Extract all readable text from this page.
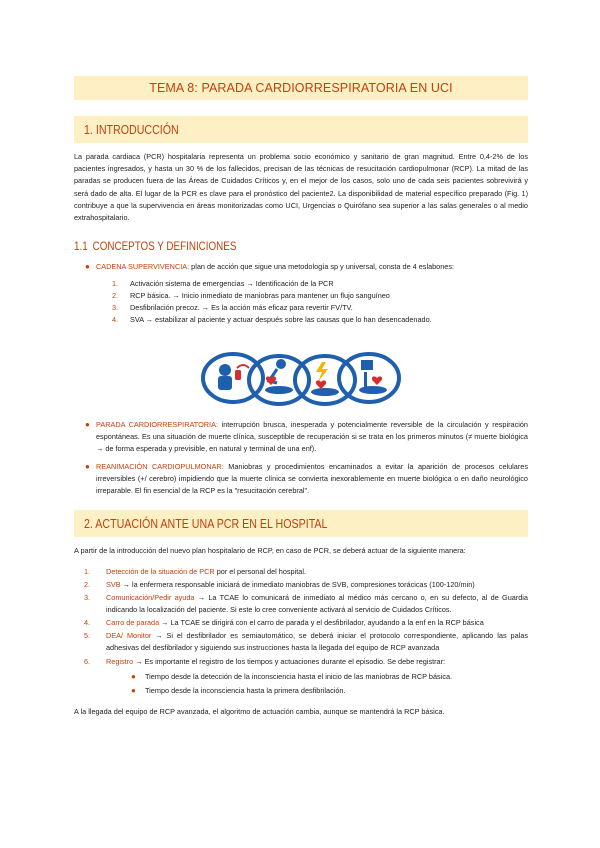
TEMA 8: PARADA CARDIORRESPIRATORIA EN UCI
1. INTRODUCCIÓN
La parada cardiaca (PCR) hospitalaria representa un problema socio económico y sanitario de gran magnitud. Entre 0,4-2% de los pacientes ingresados, y hasta un 30 % de los fallecidos, precisan de las técnicas de resucitación cardiopulmonar (RCP). La mitad de las paradas se producen fuera de las Áreas de Cuidados Críticos y, en el mejor de los casos, solo uno de cada seis pacientes sobrevivirá y será dado de alta. El lugar de la PCR es clave para el pronóstico del paciente2. La disponibilidad de material específico preparado (Fig. 1) contribuye a que la supervivencia en áreas monitorizadas como UCI, Urgencias o Quirófano sea superior a las salas generales o al medio extrahospitalario.
1.1 CONCEPTOS Y DEFINICIONES
● CADENA SUPERVIVENCIA: plan de acción que sigue una metodología sp y universal, consta de 4 eslabones:
1. Activación sistema de emergencias → Identificación de la PCR
2. RCP básica. → Inicio inmediato de maniobras para mantener un flujo sanguíneo
3. Desfibrilación precoz. → Es la acción más eficaz para revertir FV/TV.
4. SVA → estabilizar al paciente y actuar después sobre las causas que lo han desencadenado.
● PARADA CARDIORRESPIRATORIA: interrupción brusca, inesperada y potencialmente reversible de la circulación y respiración espontáneas. Es una situación de muerte clínica, susceptible de recuperación si se trata en los primeros minutos (≠ muerte biológica → de forma esperada y previsible, en natural y terminal de una enf).
● REANIMACIÓN CARDIOPULMONAR: Maniobras y procedimientos encaminados a evitar la aparición de procesos celulares irreversibles (+/ cerebro) impidiendo que la muerte clínica se convierta inexorablemente en muerte biológica o en daño neurológico irreparable. El fin esencial de la RCP es la "resucitación cerebral".
2. ACTUACIÓN ANTE UNA PCR EN EL HOSPITAL
A partir de la introducción del nuevo plan hospitalario de RCP, en caso de PCR, se deberá actuar de la siguiente manera:
1. Detección de la situación de PCR por el personal del hospital.
2. SVB → la enfermera responsable iniciará de inmediato maniobras de SVB, compresiones torácicas (100-120/min)
3. Comunicación/Pedir ayuda → La TCAE lo comunicará de inmediato al médico más cercano o, en su defecto, al de Guardia indicando la localización del paciente. Si este lo cree conveniente activará al servicio de Cuidados Críticos.
4. Carro de parada → La TCAE se dirigirá con el carro de parada y el desfibrilador, ayudando a la enf en la RCP básica
5. DEA/ Monitor → Si el desfibrilador es semiautomático, se deberá iniciar el protocolo correspondiente, aplicando las palas adhesivas del desfibrilador y siguiendo sus instrucciones hasta la llegada del equipo de RCP avanzada
6. Registro → Es importante el registro de los tiempos y actuaciones durante el episodio. Se debe registrar:
● Tiempo desde la detección de la inconsciencia hasta el inicio de las maniobras de RCP básica.
● Tiempo desde la inconsciencia hasta la primera desfibrilación.
A la llegada del equipo de RCP avanzada, el algoritmo de actuación cambia, aunque se mantendrá la RCP básica.
